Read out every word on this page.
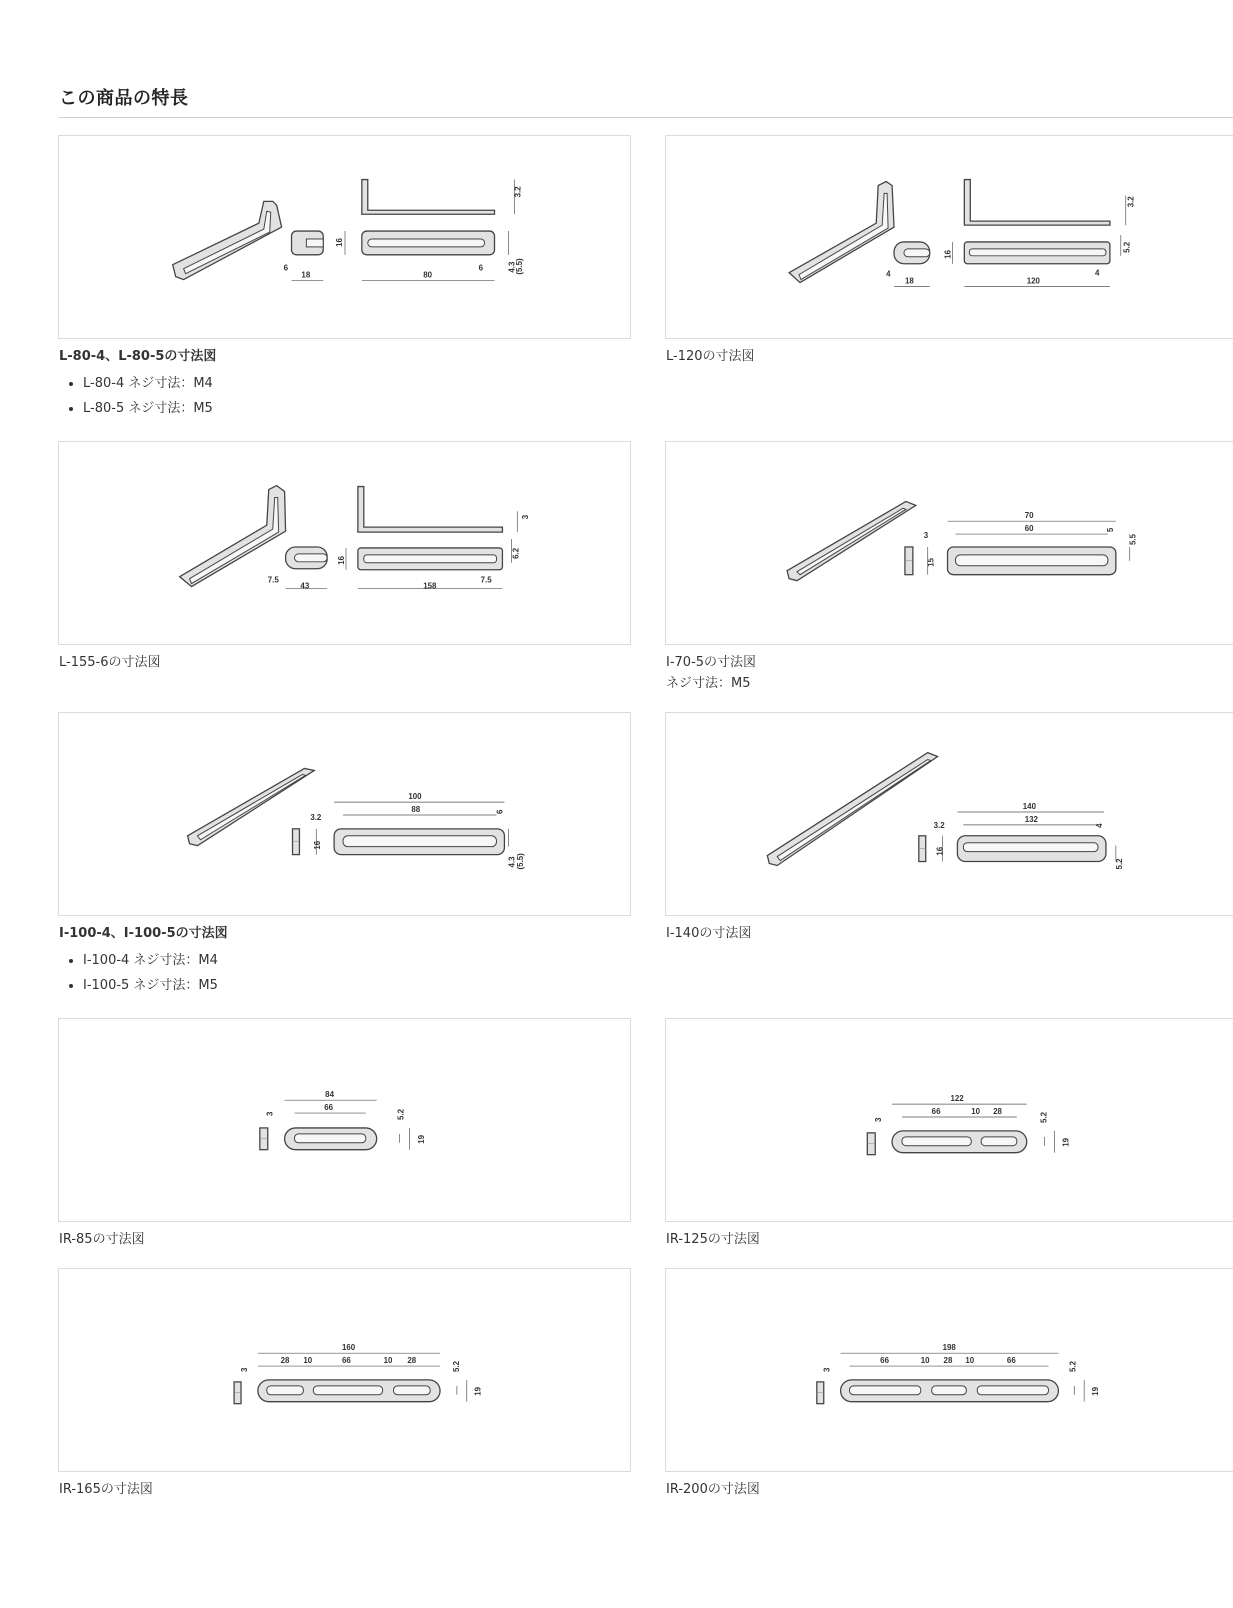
この商品の特長
3.2
16
6
18	80
6	4.3
(5.5)
L-80-4、L-80-5の寸法図
• L-80-4 ネジ寸法：M4
• L-80-5 ネジ寸法：M5
3.2
16
4
18	120
4
5.2
L-120の寸法図
3
16
7.5
43	158
7.5
6.2
L-155-6の寸法図
70
60	5
5.5
3
15
I-70-5の寸法図
ネジ寸法：M5
100
88	6
3.2
16
4.3 (5.5)
I-100-4、I-100-5の寸法図
• I-100-4 ネジ寸法：M4
• I-100-5 ネジ寸法：M5
140
132
4
3.2
16
5.2
I-140の寸法図
84
66
3	5.2
19
IR-85の寸法図
122
66	10 28
3	5.2
19
IR-125の寸法図
160
28 10	66	10 28
3	5.2
19
IR-165の寸法図
198
66	10 28 10	66
3	5.2
19
IR-200の寸法図
